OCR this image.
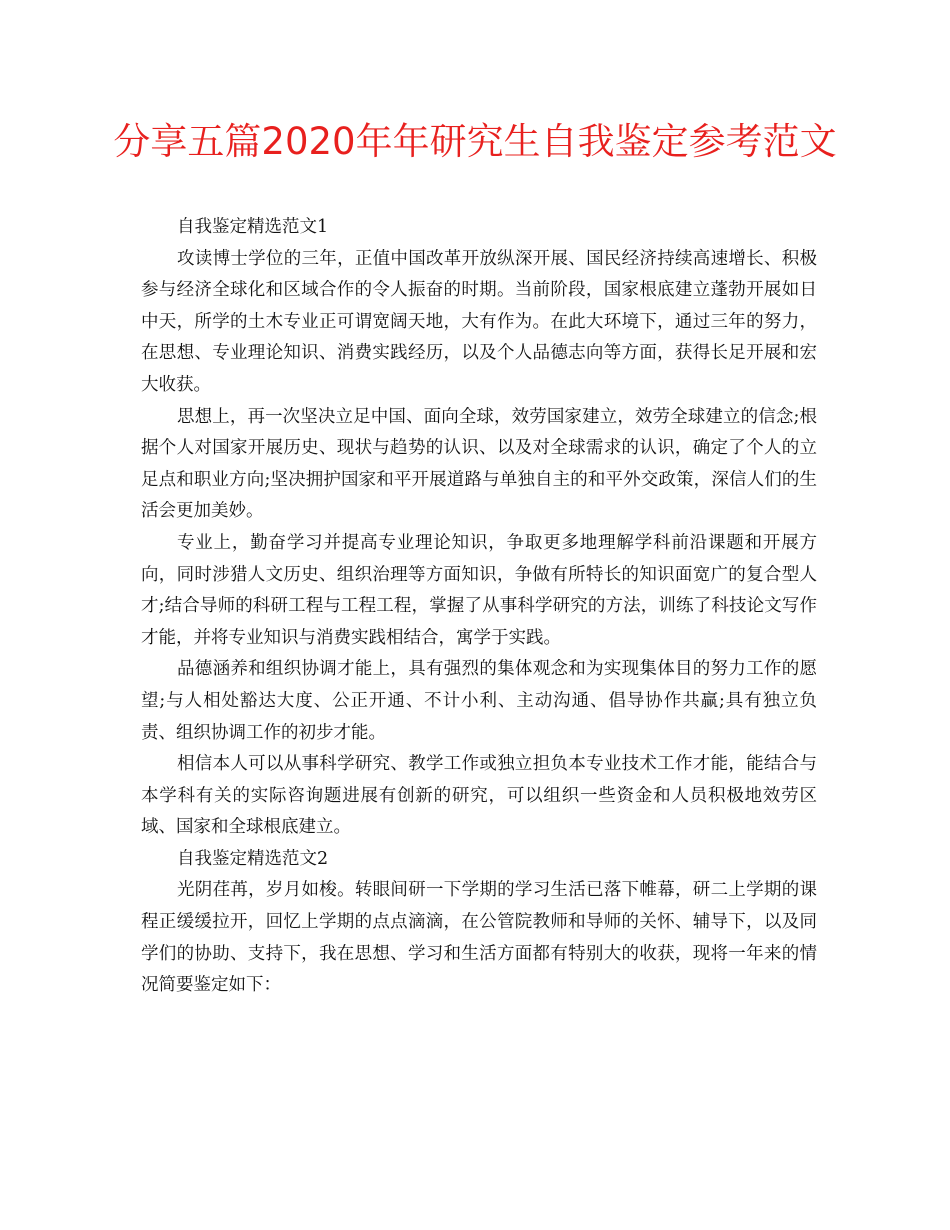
分享五篇2020年年研究生自我鉴定参考范文

自我鉴定精选范文1

攻读博士学位的三年，正值中国改革开放纵深开展、国民经济持续高速增长、积极参与经济全球化和区域合作的令人振奋的时期。当前阶段，国家根底建立蓬勃开展如日中天，所学的土木专业正可谓宽阔天地，大有作为。在此大环境下，通过三年的努力，在思想、专业理论知识、消费实践经历，以及个人品德志向等方面，获得长足开展和宏大收获。

思想上，再一次坚决立足中国、面向全球，效劳国家建立，效劳全球建立的信念;根据个人对国家开展历史、现状与趋势的认识、以及对全球需求的认识，确定了个人的立足点和职业方向;坚决拥护国家和平开展道路与单独自主的和平外交政策，深信人们的生活会更加美妙。

专业上，勤奋学习并提高专业理论知识，争取更多地理解学科前沿课题和开展方向，同时涉猎人文历史、组织治理等方面知识，争做有所特长的知识面宽广的复合型人才;结合导师的科研工程与工程工程，掌握了从事科学研究的方法，训练了科技论文写作才能，并将专业知识与消费实践相结合，寓学于实践。

品德涵养和组织协调才能上，具有强烈的集体观念和为实现集体目的努力工作的愿望;与人相处豁达大度、公正开通、不计小利、主动沟通、倡导协作共赢;具有独立负责、组织协调工作的初步才能。

相信本人可以从事科学研究、教学工作或独立担负本专业技术工作才能，能结合与本学科有关的实际咨询题进展有创新的研究，可以组织一些资金和人员积极地效劳区域、国家和全球根底建立。

自我鉴定精选范文2

光阴荏苒，岁月如梭。转眼间研一下学期的学习生活已落下帷幕，研二上学期的课程正缓缓拉开，回忆上学期的点点滴滴，在公管院教师和导师的关怀、辅导下，以及同学们的协助、支持下，我在思想、学习和生活方面都有特别大的收获，现将一年来的情况简要鉴定如下：
